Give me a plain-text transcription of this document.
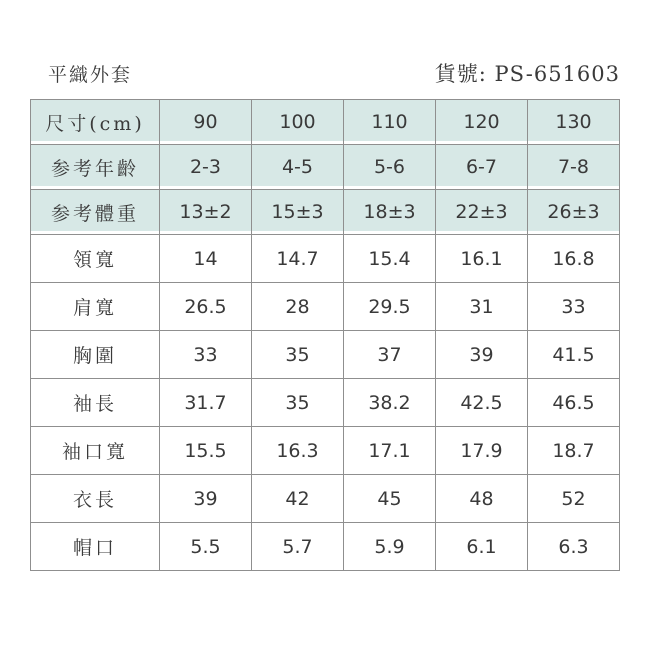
平織外套	貨號: PS-651603
尺寸(cm)	90	100	110	120	130
参考年齡	2-3	4-5	5-6	6-7	7-8
参考體重	13±2	15±3	18±3	22±3	26±3
領寬	14	14.7	15.4	16.1	16.8
肩寬	26.5	28	29.5	31	33
胸圍	33	35	37	39	41.5
袖長	31.7	35	38.2	42.5	46.5
袖口寬	15.5	16.3	17.1	17.9	18.7
衣長	39	42	45	48	52
帽口	5.5	5.7	5.9	6.1	6.3
